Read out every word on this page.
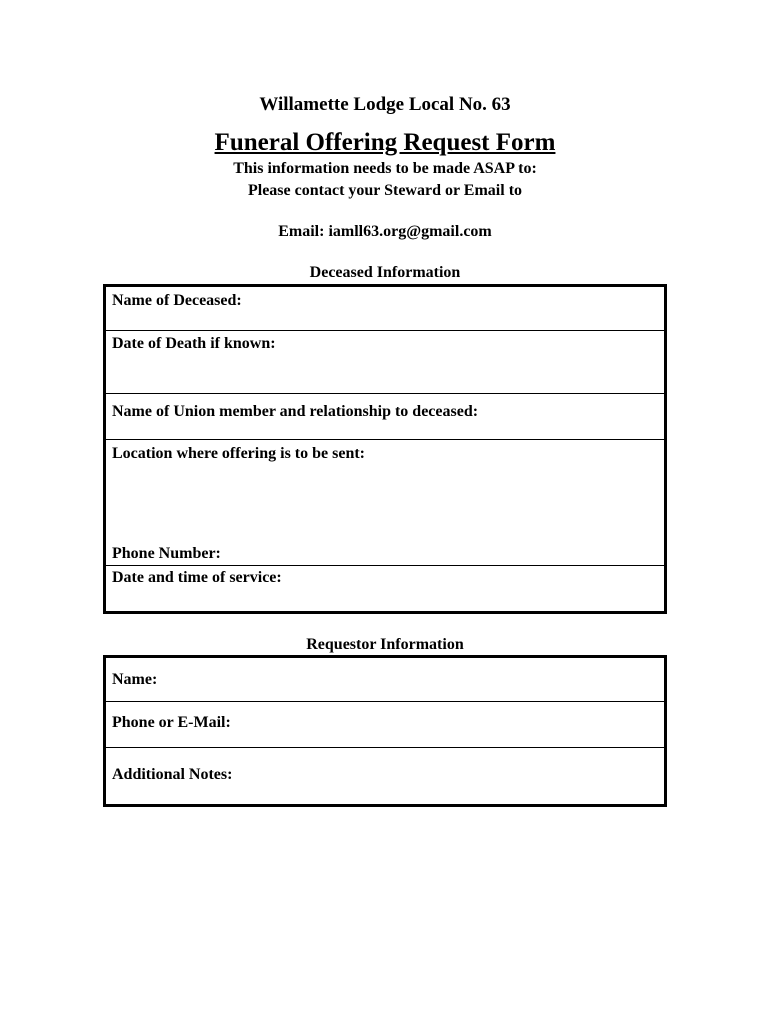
Willamette Lodge Local No. 63
Funeral Offering Request Form
This information needs to be made ASAP to:
Please contact your Steward or Email to
Email: iamll63.org@gmail.com
Deceased Information
Name of Deceased:
Date of Death if known:
Name of Union member and relationship to deceased:
Location where offering is to be sent:
Phone Number:
Date and time of service:
Requestor Information
Name:
Phone or E-Mail:
Additional Notes:
